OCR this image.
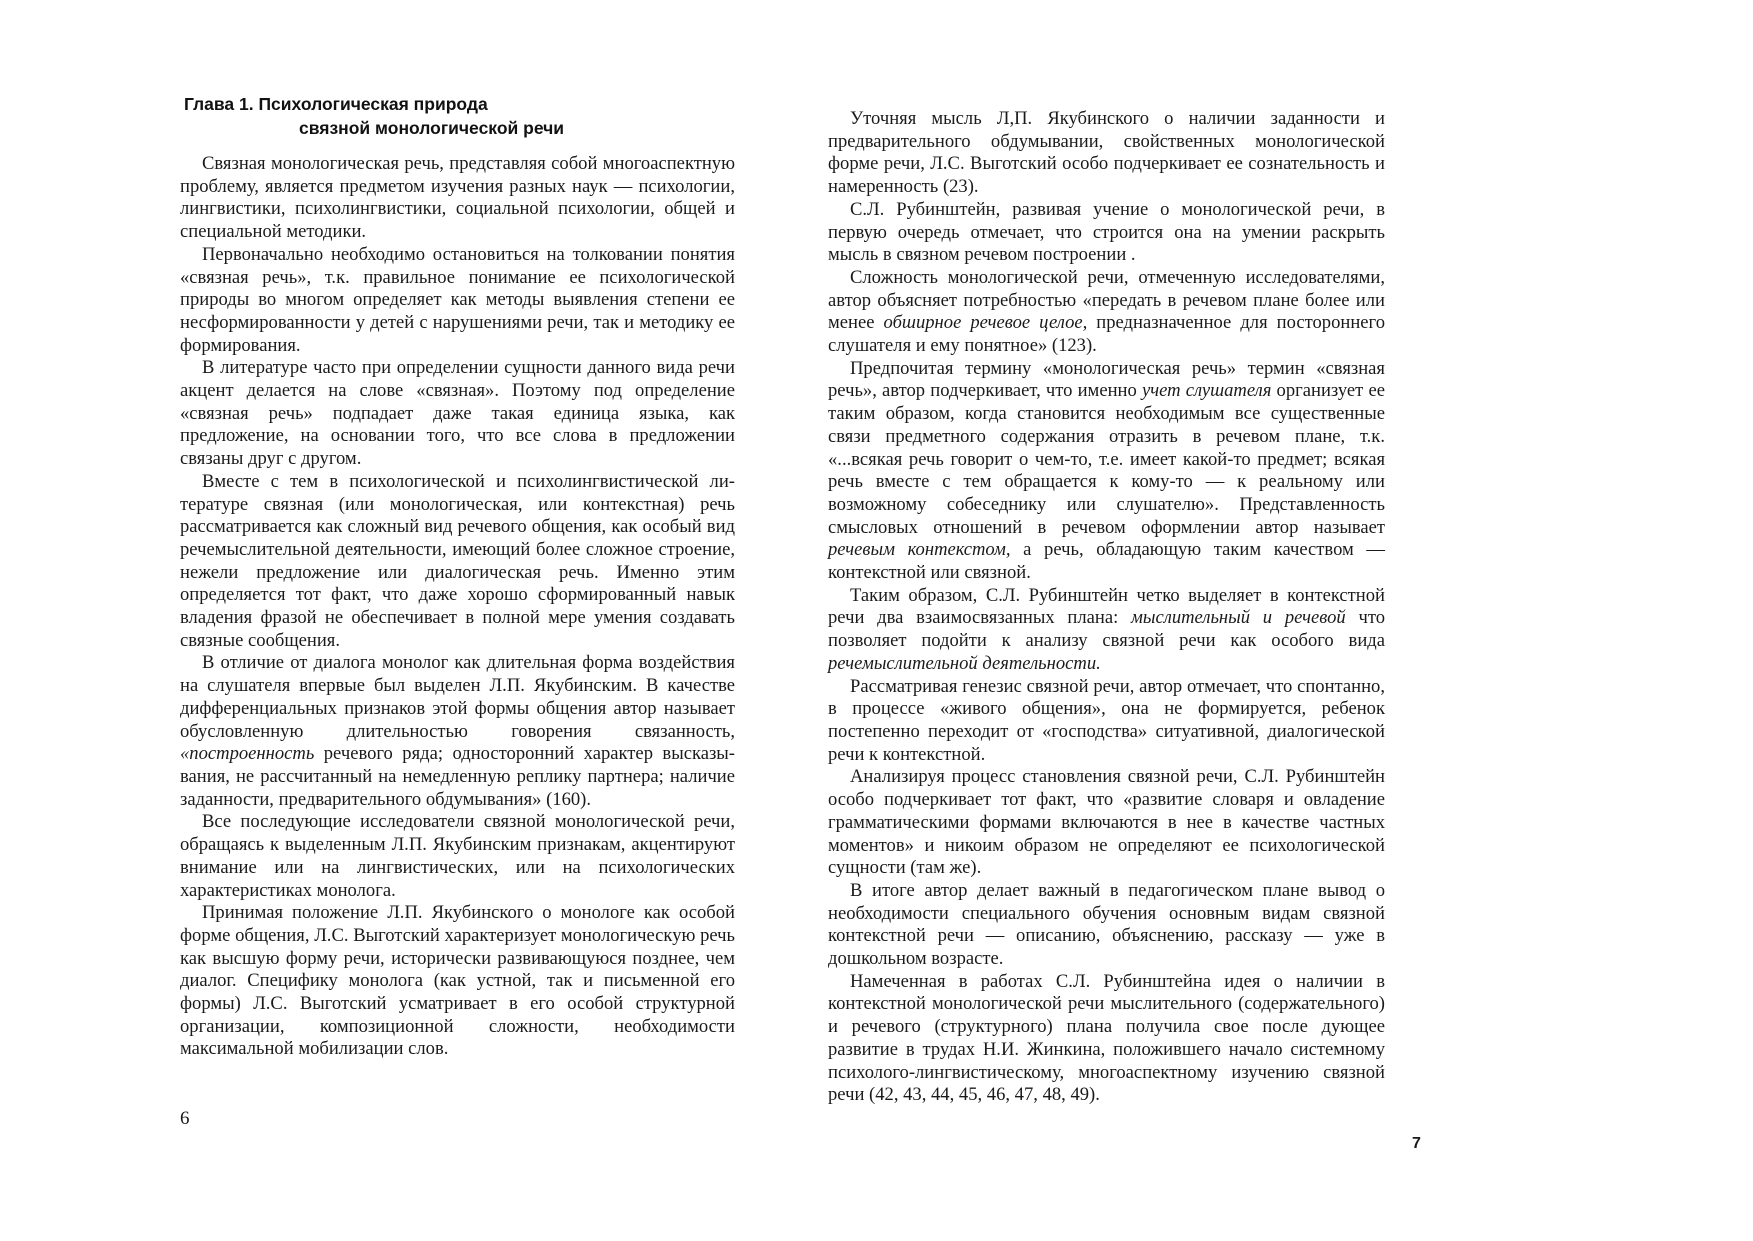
Глава 1. Психологическая природа
связной монологической речи

Связная монологическая речь, представляя собой многоаспектную проблему, является предметом изучения разных наук — психологии, лингвистики, психолингвистики, социальной психологии, общей и специальной методики.

Первоначально необходимо остановиться на толковании понятия «связная речь», т.к. правильное понимание ее психологической природы во многом определяет как методы выявления степени ее несформированности у детей с нарушениями речи, так и методику ее формирования.

В литературе часто при определении сущности данного вида речи акцент делается на слове «связная». Поэтому под определение «связная речь» подпадает даже такая единица языка, как предложение, на основании того, что все слова в предложении связаны друг с другом.

Вместе с тем в психологической и психолингвистической литературе связная (или монологическая, или контекстная) речь рассматривается как сложный вид речевого общения, как особый вид речемыслительной деятельности, имеющий более сложное строение, нежели предложение или диалогическая речь. Именно этим определяется тот факт, что даже хорошо сформированный навык владения фразой не обеспечивает в полной мере умения создавать связные сообщения.

В отличие от диалога монолог как длительная форма воздействия на слушателя впервые был выделен Л.П. Якубинским. В качестве дифференциальных признаков этой формы общения автор называет обусловленную длительностью говорения связанность, «построенность речевого ряда; односторонний характер высказывания, не рассчитанный на немедленную реплику партнера; наличие заданности, предварительного обдумывания» (160).

Все последующие исследователи связной монологической речи, обращаясь к выделенным Л.П. Якубинским признакам, акцентируют внимание или на лингвистических, или на психологических характеристиках монолога.

Принимая положение Л.П. Якубинского о монологе как особой форме общения, Л.С. Выготский характеризует монологическую речь как высшую форму речи, исторически развивающуюся позднее, чем диалог. Специфику монолога (как устной, так и письменной его формы) Л.С. Выготский усматривает в его особой структурной организации, композиционной сложности, необходимости максимальной мобилизации слов.

6

Уточняя мысль Л,П. Якубинского о наличии заданности и предварительного обдумывании, свойственных монологической форме речи, Л.С. Выготский особо подчеркивает ее сознательность и намеренность (23).

С.Л. Рубинштейн, развивая учение о монологической речи, в первую очередь отмечает, что строится она на умении раскрыть мысль в связном речевом построении .

Сложность монологической речи, отмеченную исследователями, автор объясняет потребностью «передать в речевом плане более или менее обширное речевое целое, предназначенное для постороннего слушателя и ему понятное» (123).

Предпочитая термину «монологическая речь» термин «связная речь», автор подчеркивает, что именно учет слушателя организует ее таким образом, когда становится необходимым все существенные связи предметного содержания отразить в речевом плане, т.к. «...всякая речь говорит о чем-то, т.е. имеет какой-то предмет; всякая речь вместе с тем обращается к кому-то — к реальному или возможному собеседнику или слушателю». Представленность смысловых отношений в речевом оформлении автор называет речевым контекстом, а речь, обладающую таким качеством — контекстной или связной.

Таким образом, С.Л. Рубинштейн четко выделяет в контекстной речи два взаимосвязанных плана: мыслительный и речевой что позволяет подойти к анализу связной речи как особого вида речемыслительной деятельности.

Рассматривая генезис связной речи, автор отмечает, что спонтанно, в процессе «живого общения», она не формируется, ребенок постепенно переходит от «господства» ситуативной, диалогической речи к контекстной.

Анализируя процесс становления связной речи, С.Л. Рубинштейн особо подчеркивает тот факт, что «развитие словаря и овладение грамматическими формами включаются в нее в качестве частных моментов» и никоим образом не определяют ее психологической сущности (там же).

В итоге автор делает важный в педагогическом плане вывод о необходимости специального обучения основным видам связной контекстной речи — описанию, объяснению, рассказу — уже в дошкольном возрасте.

Намеченная в работах С.Л. Рубинштейна идея о наличии в контекстной монологической речи мыслительного (содержательного) и речевого (структурного) плана получила свое после дующее развитие в трудах Н.И. Жинкина, положившего начало системному психолого-лингвистическому, многоаспектному изучению связной речи (42, 43, 44, 45, 46, 47, 48, 49).

7
